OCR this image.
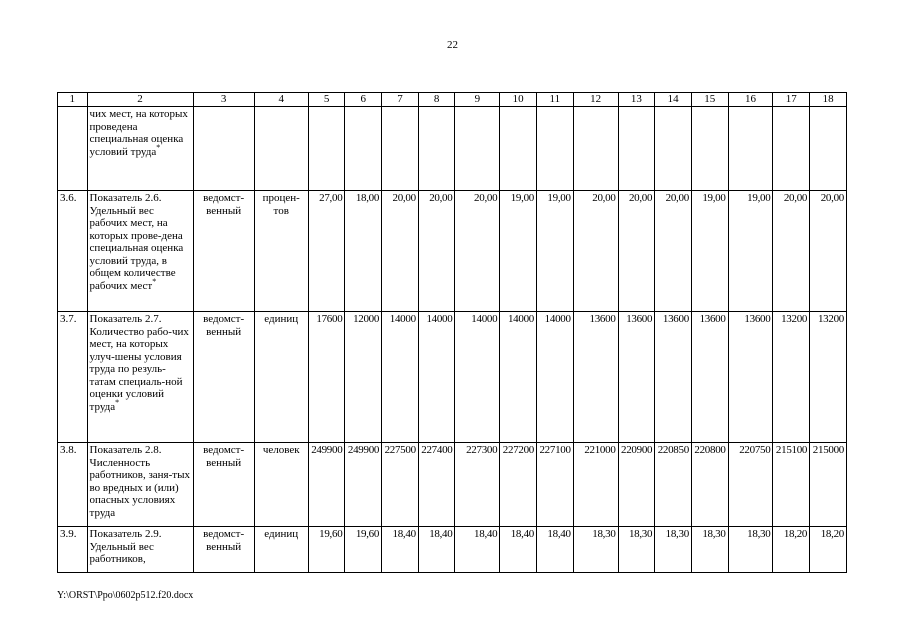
22
1	2	3	4	5	6	7	8	9	10	11	12	13	14	15	16	17	18
	чих мест, на которых проведена специальная оценка условий труда*																
3.6.	Показатель 2.6. Удельный вес рабочих мест, на которых прове-дена специальная оценка условий труда, в общем количестве рабочих мест*	ведомст-венный	процен-тов	27,00	18,00	20,00	20,00	20,00	19,00	19,00	20,00	20,00	20,00	19,00	19,00	20,00	20,00
3.7.	Показатель 2.7. Количество рабо-чих мест, на которых улуч-шены условия труда по резуль-татам специаль-ной оценки условий труда*	ведомст-венный	единиц	17600	12000	14000	14000	14000	14000	14000	13600	13600	13600	13600	13600	13200	13200
3.8.	Показатель 2.8. Численность работников, заня-тых во вредных и (или) опасных условиях труда	ведомст-венный	человек	249900	249900	227500	227400	227300	227200	227100	221000	220900	220850	220800	220750	215100	215000
3.9.	Показатель 2.9. Удельный вес работников,	ведомст-венный	единиц	19,60	19,60	18,40	18,40	18,40	18,40	18,40	18,30	18,30	18,30	18,30	18,30	18,20	18,20
Y:\ORST\Ppo\0602p512.f20.docx
